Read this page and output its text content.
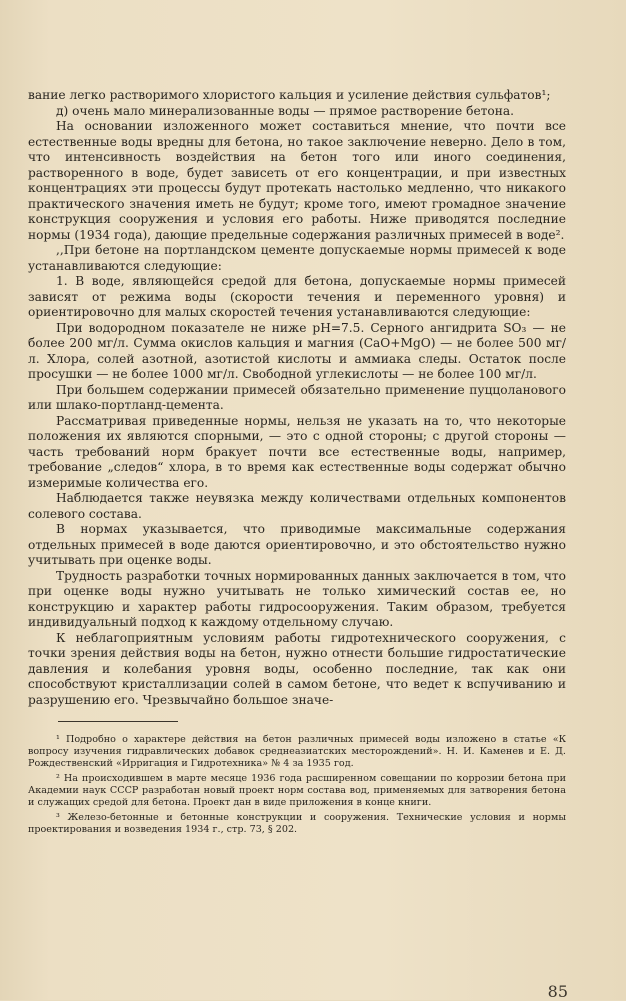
вание легко растворимого хлористого кальция и усиление действия сульфатов¹;

д) очень мало минерализованные воды — прямое растворение бетона.

На основании изложенного может составиться мнение, что почти все естественные воды вредны для бетона, но такое заключение неверно. Дело в том, что интенсивность воздействия на бетон того или иного соединения, растворенного в воде, будет зависеть от его концентрации, и при известных концентрациях эти процессы будут протекать настолько медленно, что никакого практического значения иметь не будут; кроме того, имеют громадное значение конструкция сооружения и условия его работы. Ниже приводятся последние нормы (1934 года), дающие предельные содержания различных примесей в воде².

,,При бетоне на портландском цементе допускаемые нормы примесей к воде устанавливаются следующие:

1. В воде, являющейся средой для бетона, допускаемые нормы примесей зависят от режима воды (скорости течения и переменного уровня) и ориентировочно для малых скоростей течения устанавливаются следующие:

При водородном показателе не ниже pH=7.5. Серного ангидрита SO₃ — не более 200 мг/л. Сумма окислов кальция и магния (CaO+MgO) — не более 500 мг/л. Хлора, солей азотной, азотистой кислоты и аммиака следы. Остаток после просушки — не более 1000 мг/л. Свободной углекислоты — не более 100 мг/л.

При большем содержании примесей обязательно применение пуццоланового или шлако-портланд-цемента.

Рассматривая приведенные нормы, нельзя не указать на то, что некоторые положения их являются спорными, — это с одной стороны; с другой стороны — часть требований норм бракует почти все естественные воды, например, требование „следов“ хлора, в то время как естественные воды содержат обычно измеримые количества его.

Наблюдается также неувязка между количествами отдельных компонентов солевого состава.

В нормах указывается, что приводимые максимальные содержания отдельных примесей в воде даются ориентировочно, и это обстоятельство нужно учитывать при оценке воды.

Трудность разработки точных нормированных данных заключается в том, что при оценке воды нужно учитывать не только химический состав ее, но конструкцию и характер работы гидросооружения. Таким образом, требуется индивидуальный подход к каждому отдельному случаю.

К неблагоприятным условиям работы гидротехнического сооружения, с точки зрения действия воды на бетон, нужно отнести большие гидростатические давления и колебания уровня воды, особенно последние, так как они способствуют кристаллизации солей в самом бетоне, что ведет к вспучиванию и разрушению его. Чрезвычайно большое значе-

¹ Подробно о характере действия на бетон различных примесей воды изложено в статье «К вопросу изучения гидравлических добавок среднеазиатских месторождений». Н. И. Каменев и Е. Д. Рождественский «Ирригация и Гидротехника» № 4 за 1935 год.

² На происходившем в марте месяце 1936 года расширенном совещании по коррозии бетона при Академии наук СССР разработан новый проект норм состава вод, применяемых для затворения бетона и служащих средой для бетона. Проект дан в виде приложения в конце книги.

³ Железо-бетонные и бетонные конструкции и сооружения. Технические условия и нормы проектирования и возведения 1934 г., стр. 73, § 202.

85
